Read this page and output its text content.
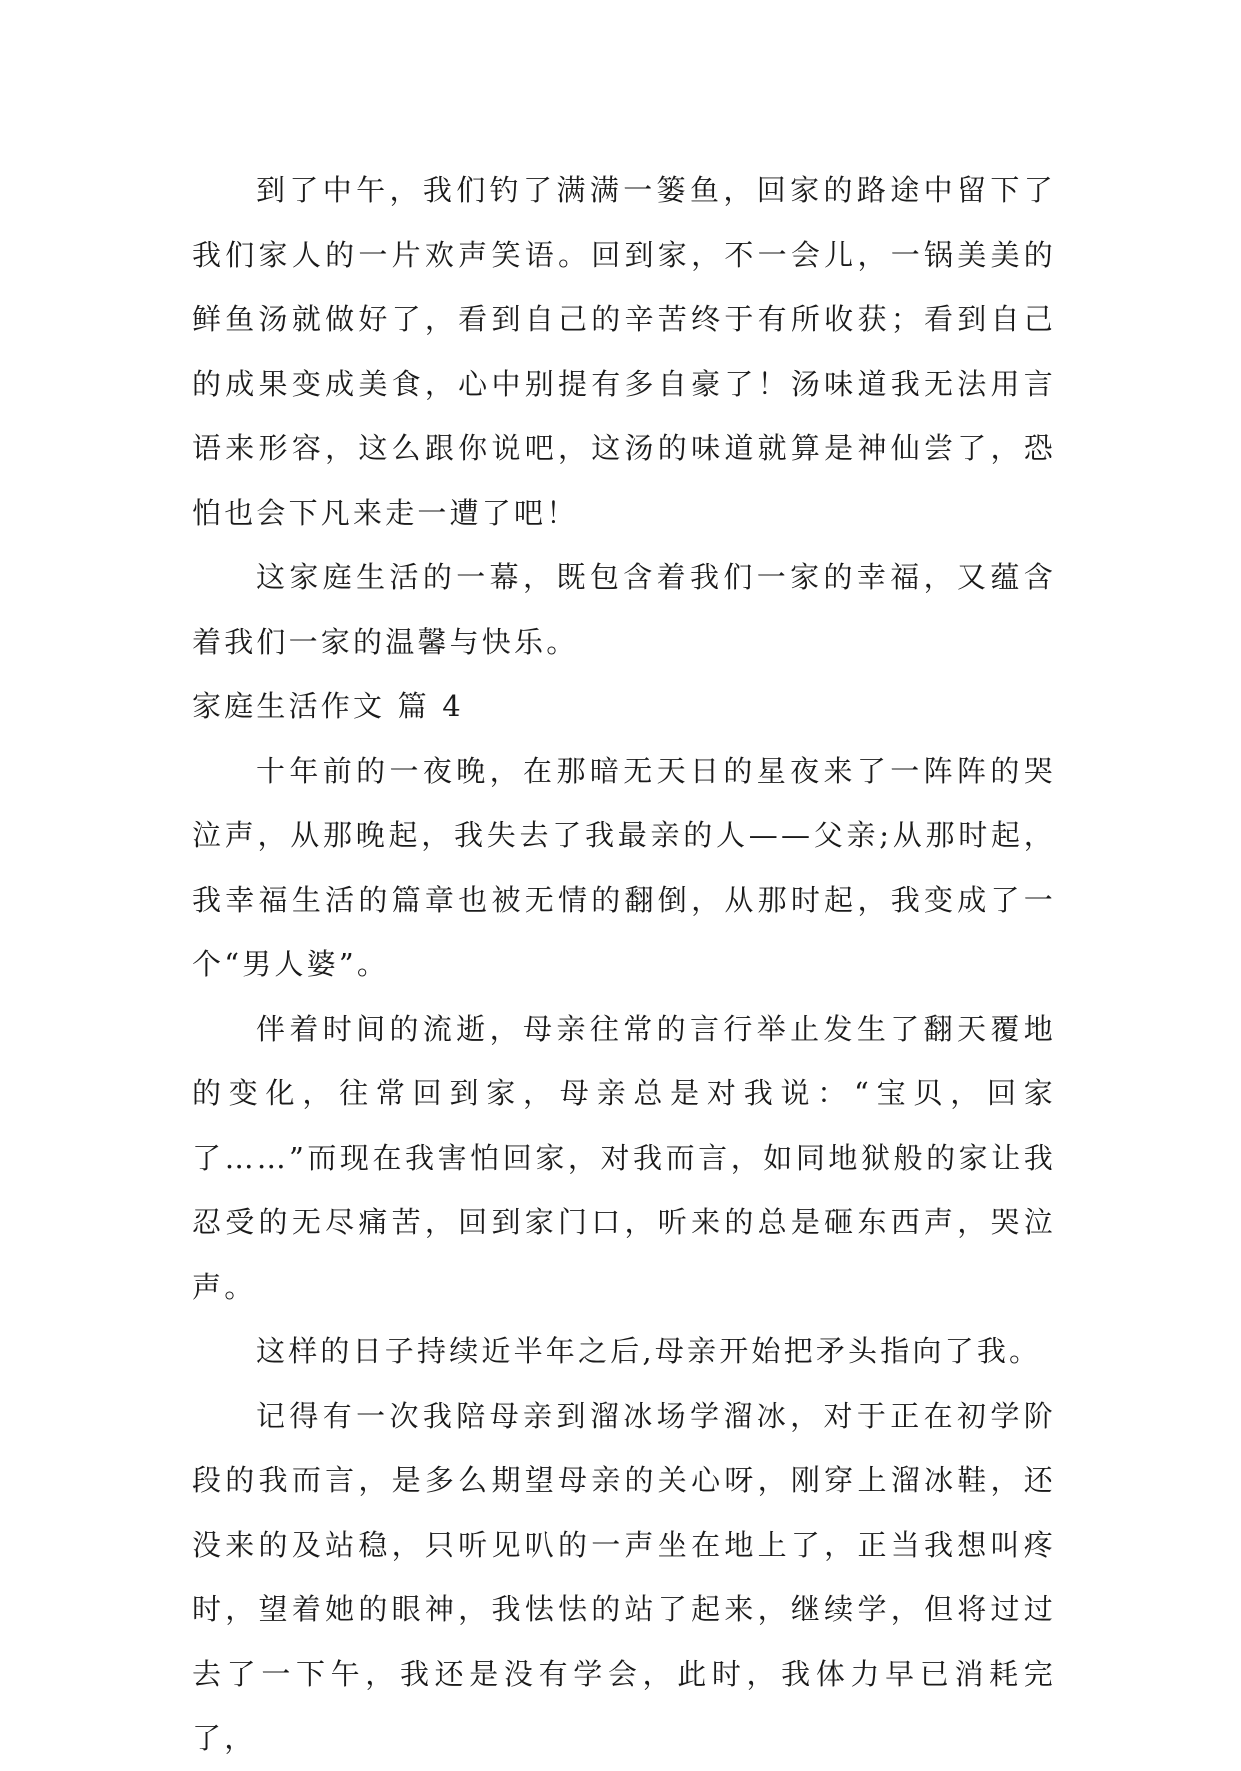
到了中午，我们钓了满满一篓鱼，回家的路途中留下了我们家人的一片欢声笑语。回到家，不一会儿，一锅美美的鲜鱼汤就做好了，看到自己的辛苦终于有所收获；看到自己的成果变成美食，心中别提有多自豪了！汤味道我无法用言语来形容，这么跟你说吧，这汤的味道就算是神仙尝了，恐怕也会下凡来走一遭了吧！

这家庭生活的一幕，既包含着我们一家的幸福，又蕴含着我们一家的温馨与快乐。

家庭生活作文 篇 4

十年前的一夜晚，在那暗无天日的星夜来了一阵阵的哭泣声，从那晚起，我失去了我最亲的人——父亲;从那时起，我幸福生活的篇章也被无情的翻倒，从那时起，我变成了一个“男人婆”。

伴着时间的流逝，母亲往常的言行举止发生了翻天覆地的变化，往常回到家，母亲总是对我说：“宝贝，回家了……”而现在我害怕回家，对我而言，如同地狱般的家让我忍受的无尽痛苦，回到家门口，听来的总是砸东西声，哭泣声。

这样的日子持续近半年之后,母亲开始把矛头指向了我。

记得有一次我陪母亲到溜冰场学溜冰，对于正在初学阶段的我而言，是多么期望母亲的关心呀，刚穿上溜冰鞋，还没来的及站稳，只听见叭的一声坐在地上了，正当我想叫疼时，望着她的眼神，我怯怯的站了起来，继续学，但将过过去了一下午，我还是没有学会，此时，我体力早已消耗完了，
